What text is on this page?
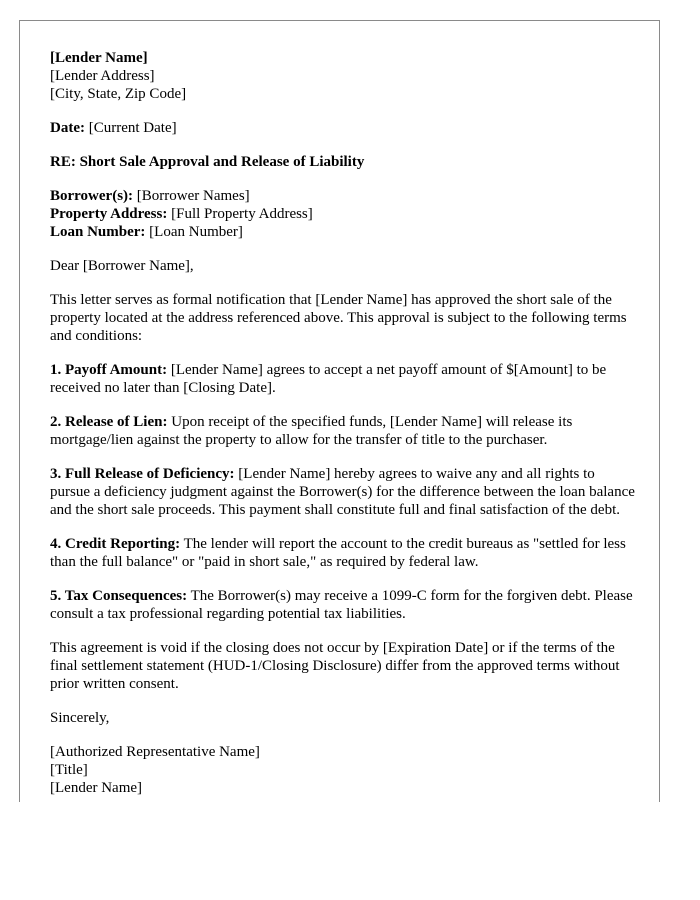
[Lender Name]
[Lender Address]
[City, State, Zip Code]

Date: [Current Date]

RE: Short Sale Approval and Release of Liability

Borrower(s): [Borrower Names]
Property Address: [Full Property Address]
Loan Number: [Loan Number]

Dear [Borrower Name],

This letter serves as formal notification that [Lender Name] has approved the short sale of the property located at the address referenced above. This approval is subject to the following terms and conditions:

1. Payoff Amount: [Lender Name] agrees to accept a net payoff amount of $[Amount] to be received no later than [Closing Date].

2. Release of Lien: Upon receipt of the specified funds, [Lender Name] will release its mortgage/lien against the property to allow for the transfer of title to the purchaser.

3. Full Release of Deficiency: [Lender Name] hereby agrees to waive any and all rights to pursue a deficiency judgment against the Borrower(s) for the difference between the loan balance and the short sale proceeds. This payment shall constitute full and final satisfaction of the debt.

4. Credit Reporting: The lender will report the account to the credit bureaus as "settled for less than the full balance" or "paid in short sale," as required by federal law.

5. Tax Consequences: The Borrower(s) may receive a 1099-C form for the forgiven debt. Please consult a tax professional regarding potential tax liabilities.

This agreement is void if the closing does not occur by [Expiration Date] or if the terms of the final settlement statement (HUD-1/Closing Disclosure) differ from the approved terms without prior written consent.

Sincerely,

[Authorized Representative Name]
[Title]
[Lender Name]
